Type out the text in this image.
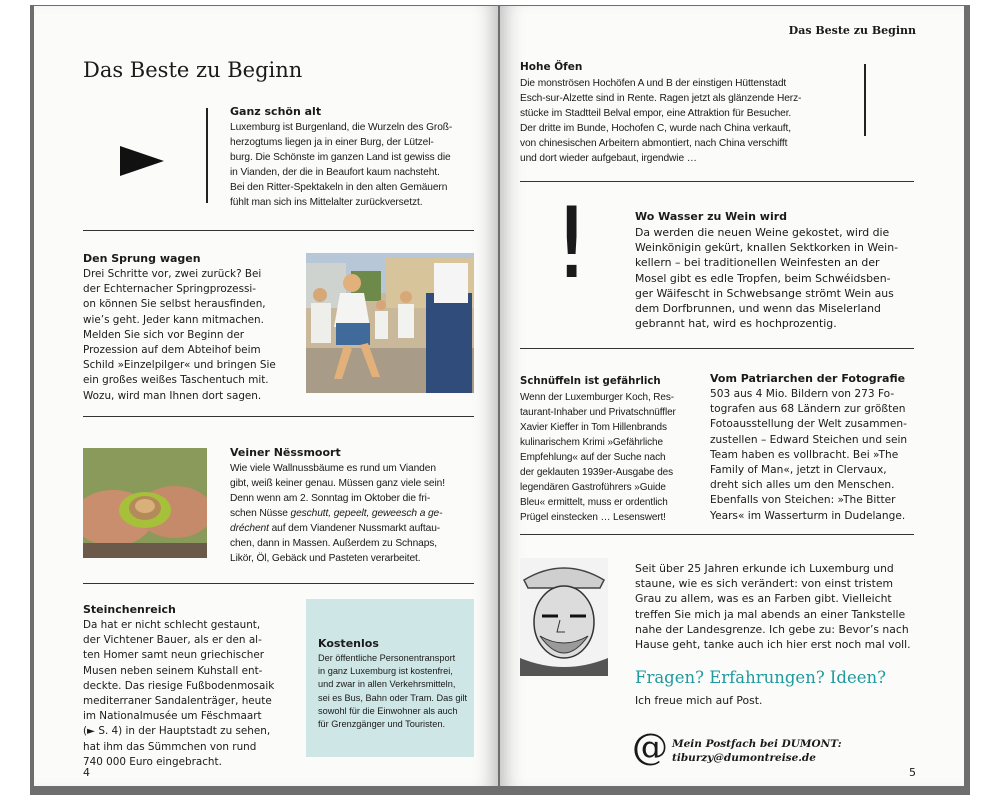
Das Beste zu Beginn
Ganz schön alt
Luxemburg ist Burgenland, die Wurzeln des Groß-
herzogtums liegen ja in einer Burg, der Lützel-
burg. Die Schönste im ganzen Land ist gewiss die
in Vianden, der die in Beaufort kaum nachsteht.
Bei den Ritter-Spektakeln in den alten Gemäuern
fühlt man sich ins Mittelalter zurückversetzt.
Den Sprung wagen
Drei Schritte vor, zwei zurück? Bei
der Echternacher Springprozessi-
on können Sie selbst herausfinden,
wie’s geht. Jeder kann mitmachen.
Melden Sie sich vor Beginn der
Prozession auf dem Abteihof beim
Schild »Einzelpilger« und bringen Sie
ein großes weißes Taschentuch mit.
Wozu, wird man Ihnen dort sagen.
Veiner Nëssmoort
Wie viele Wallnussbäume es rund um Vianden
gibt, weiß keiner genau. Müssen ganz viele sein!
Denn wenn am 2. Sonntag im Oktober die fri-
schen Nüsse geschutt, gepeelt, geweesch a ge-
dréchent auf dem Viandener Nussmarkt auftau-
chen, dann in Massen. Außerdem zu Schnaps,
Likör, Öl, Gebäck und Pasteten verarbeitet.
Steinchenreich
Da hat er nicht schlecht gestaunt,
der Vichtener Bauer, als er den al-
ten Homer samt neun griechischer
Musen neben seinem Kuhstall ent-
deckte. Das riesige Fußbodenmosaik
mediterraner Sandalenträger, heute
im Nationalmusée um Fëschmaart
(► S. 4) in der Hauptstadt zu sehen,
hat ihm das Sümmchen von rund
740 000 Euro eingebracht.
Kostenlos
Der öffentliche Personentransport
in ganz Luxemburg ist kostenfrei,
und zwar in allen Verkehrsmitteln,
sei es Bus, Bahn oder Tram. Das gilt
sowohl für die Einwohner als auch
für Grenzgänger und Touristen.
4
Das Beste zu Beginn
Hohe Öfen
Die monströsen Hochöfen A und B der einstigen Hüttenstadt
Esch-sur-Alzette sind in Rente. Ragen jetzt als glänzende Herz-
stücke im Stadtteil Belval empor, eine Attraktion für Besucher.
Der dritte im Bunde, Hochofen C, wurde nach China verkauft,
von chinesischen Arbeitern abmontiert, nach China verschifft
und dort wieder aufgebaut, irgendwie …
!	Wo Wasser zu Wein wird
Da werden die neuen Weine gekostet, wird die
Weinkönigin gekürt, knallen Sektkorken in Wein-
kellern – bei traditionellen Weinfesten an der
Mosel gibt es edle Tropfen, beim Schwéidsben-
ger Wäifescht in Schwebsange strömt Wein aus
dem Dorfbrunnen, und wenn das Miselerland
gebrannt hat, wird es hochprozentig.
Schnüffeln ist gefährlich
Wenn der Luxemburger Koch, Res-
taurant-Inhaber und Privatschnüffler
Xavier Kieffer in Tom Hillenbrands
kulinarischem Krimi »Gefährliche
Empfehlung« auf der Suche nach
der geklauten 1939er-Ausgabe des
legendären Gastroführers »Guide
Bleu« ermittelt, muss er ordentlich
Prügel einstecken … Lesenswert!
Vom Patriarchen der Fotografie
503 aus 4 Mio. Bildern von 273 Fo-
tografen aus 68 Ländern zur größten
Fotoausstellung der Welt zusammen-
zustellen – Edward Steichen und sein
Team haben es vollbracht. Bei »The
Family of Man«, jetzt in Clervaux,
dreht sich alles um den Menschen.
Ebenfalls von Steichen: »The Bitter
Years« im Wasserturm in Dudelange.
Seit über 25 Jahren erkunde ich Luxemburg und
staune, wie es sich verändert: von einst tristem
Grau zu allem, was es an Farben gibt. Vielleicht
treffen Sie mich ja mal abends an einer Tankstelle
nahe der Landesgrenze. Ich gebe zu: Bevor’s nach
Hause geht, tanke auch ich hier erst noch mal voll.
Fragen? Erfahrungen? Ideen?
Ich freue mich auf Post.
@ Mein Postfach bei DUMONT:
tiburzy@dumontreise.de
5
